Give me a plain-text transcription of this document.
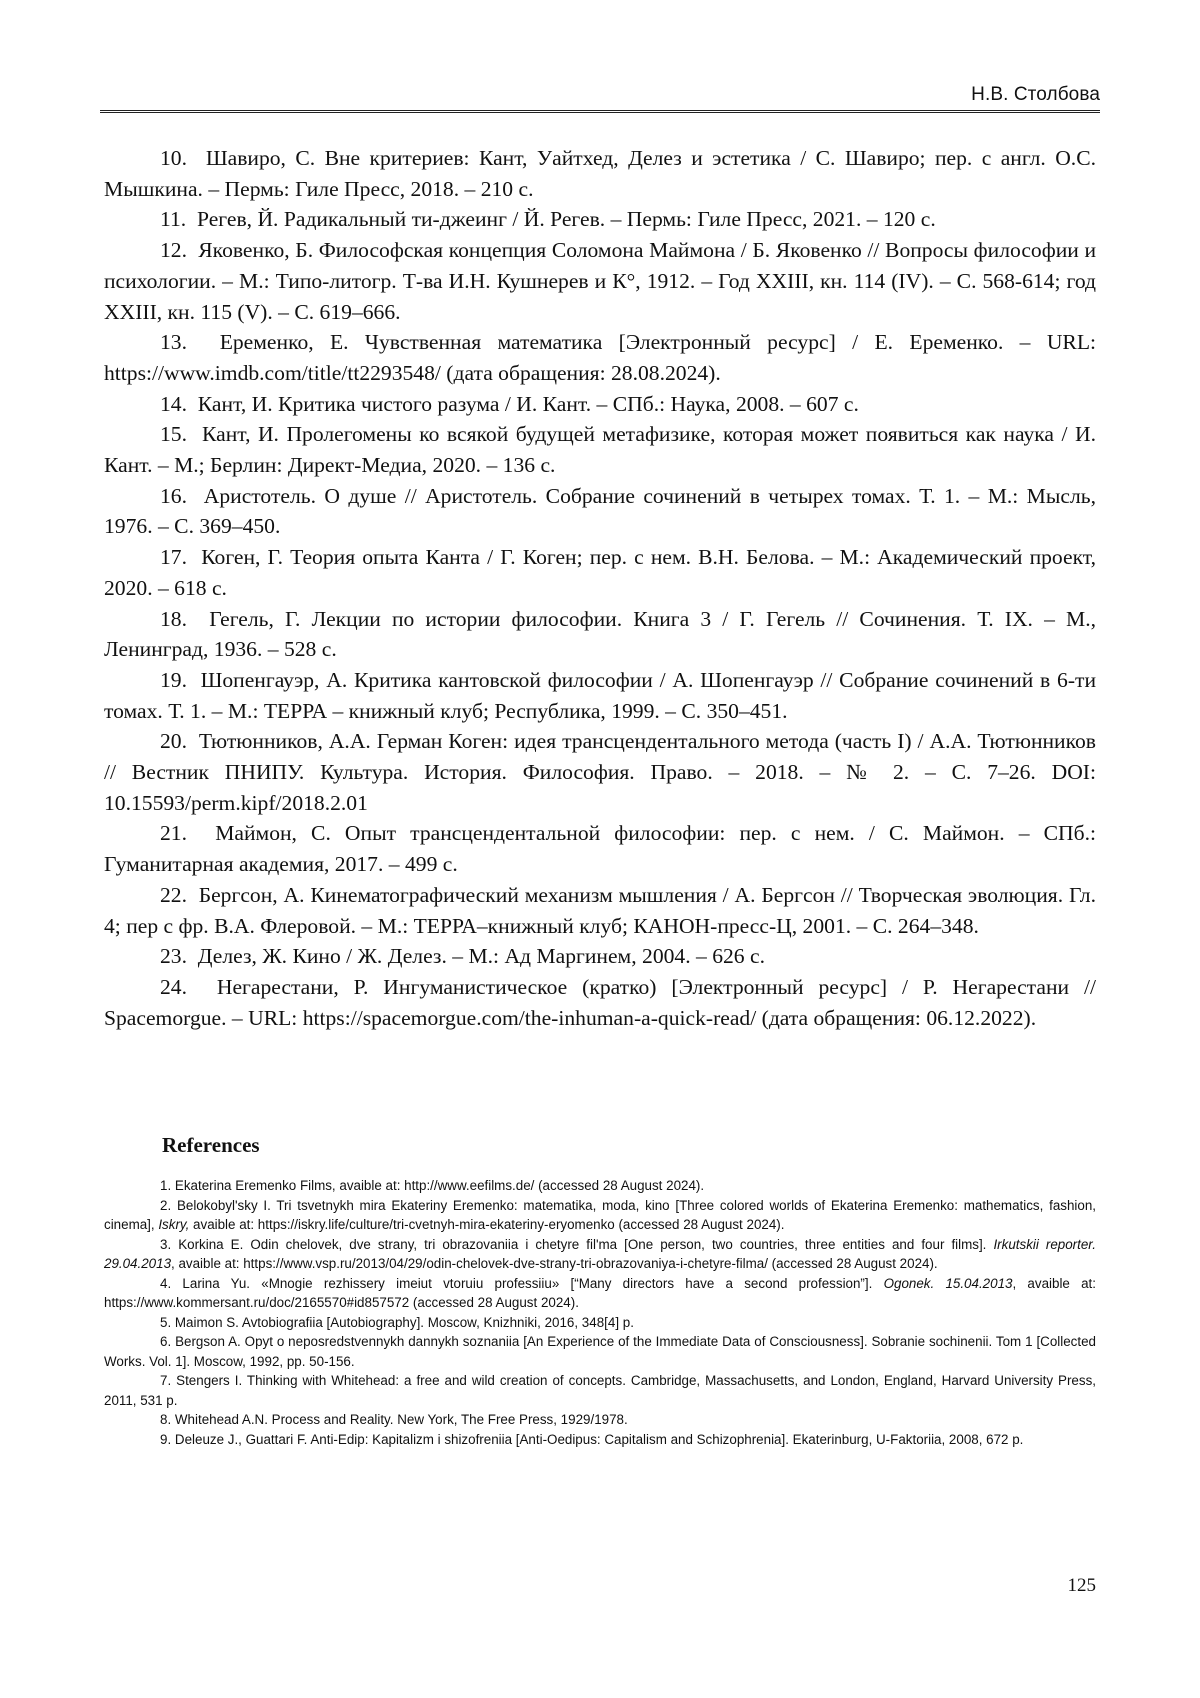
Н.В. Столбова

10. Шавиро, С. Вне критериев: Кант, Уайтхед, Делез и эстетика / С. Шавиро; пер. с англ. О.С. Мышкина. – Пермь: Гиле Пресс, 2018. – 210 с.

11. Регев, Й. Радикальный ти-джеинг / Й. Регев. – Пермь: Гиле Пресс, 2021. – 120 с.

12. Яковенко, Б. Философская концепция Соломона Маймона / Б. Яковенко // Вопросы философии и психологии. – М.: Типо-литогр. Т-ва И.Н. Кушнерев и К°, 1912. – Год XXIII, кн. 114 (IV). – С. 568-614; год XXIII, кн. 115 (V). – С. 619–666.

13. Еременко, Е. Чувственная математика [Электронный ресурс] / Е. Еременко. – URL: https://www.imdb.com/title/tt2293548/ (дата обращения: 28.08.2024).

14. Кант, И. Критика чистого разума / И. Кант. – СПб.: Наука, 2008. – 607 с.

15. Кант, И. Пролегомены ко всякой будущей метафизике, которая может появиться как наука / И. Кант. – М.; Берлин: Директ-Медиа, 2020. – 136 с.

16. Аристотель. О душе // Аристотель. Собрание сочинений в четырех томах. Т. 1. – М.: Мысль, 1976. – С. 369–450.

17. Коген, Г. Теория опыта Канта / Г. Коген; пер. с нем. В.Н. Белова. – М.: Академический проект, 2020. – 618 с.

18. Гегель, Г. Лекции по истории философии. Книга 3 / Г. Гегель // Сочинения. Т. IX. – М., Ленинград, 1936. – 528 с.

19. Шопенгауэр, А. Критика кантовской философии / А. Шопенгауэр // Собрание сочинений в 6-ти томах. Т. 1. – М.: ТЕРРА – книжный клуб; Республика, 1999. – С. 350–451.

20. Тютюнников, А.А. Герман Коген: идея трансцендентального метода (часть I) / А.А. Тютюнников // Вестник ПНИПУ. Культура. История. Философия. Право. – 2018. – № 2. – С. 7–26. DOI: 10.15593/perm.kipf/2018.2.01

21. Маймон, С. Опыт трансцендентальной философии: пер. с нем. / С. Маймон. – СПб.: Гуманитарная академия, 2017. – 499 с.

22. Бергсон, А. Кинематографический механизм мышления / А. Бергсон // Творческая эволюция. Гл. 4; пер с фр. В.А. Флеровой. – М.: ТЕРРА–книжный клуб; КАНОН-пресс-Ц, 2001. – С. 264–348.

23. Делез, Ж. Кино / Ж. Делез. – М.: Ад Маргинем, 2004. – 626 с.

24. Негарестани, Р. Ингуманистическое (кратко) [Электронный ресурс] / Р. Негарестани // Spacemorgue. – URL: https://spacemorgue.com/the-inhuman-a-quick-read/ (дата обращения: 06.12.2022).

References

1. Ekaterina Eremenko Films, avaible at: http://www.eefilms.de/ (accessed 28 August 2024).

2. Belokobyl'sky I. Tri tsvetnykh mira Ekateriny Eremenko: matematika, moda, kino [Three colored worlds of Ekaterina Eremenko: mathematics, fashion, cinema], Iskry, avaible at: https://iskry.life/culture/tri-cvetnyh-mira-ekateriny-eryomenko (accessed 28 August 2024).

3. Korkina E. Odin chelovek, dve strany, tri obrazovaniia i chetyre fil'ma [One person, two countries, three entities and four films]. Irkutskii reporter. 29.04.2013, avaible at: https://www.vsp.ru/2013/04/29/odin-chelovek-dve-strany-tri-obrazovaniya-i-chetyre-filma/ (accessed 28 August 2024).

4. Larina Yu. «Mnogie rezhissery imeiut vtoruiu professiiu» [“Many directors have a second profession”]. Ogonek. 15.04.2013, avaible at: https://www.kommersant.ru/doc/2165570#id857572 (accessed 28 August 2024).

5. Maimon S. Avtobiografiia [Autobiography]. Moscow, Knizhniki, 2016, 348[4] p.

6. Bergson A. Opyt o neposredstvennykh dannykh soznaniia [An Experience of the Immediate Data of Consciousness]. Sobranie sochinenii. Tom 1 [Collected Works. Vol. 1]. Moscow, 1992, pp. 50-156.

7. Stengers I. Thinking with Whitehead: a free and wild creation of concepts. Cambridge, Massachusetts, and London, England, Harvard University Press, 2011, 531 p.

8. Whitehead A.N. Process and Reality. New York, The Free Press, 1929/1978.

9. Deleuze J., Guattari F. Anti-Edip: Kapitalizm i shizofreniia [Anti-Oedipus: Capitalism and Schizophrenia]. Ekaterinburg, U-Faktoriia, 2008, 672 p.

125
